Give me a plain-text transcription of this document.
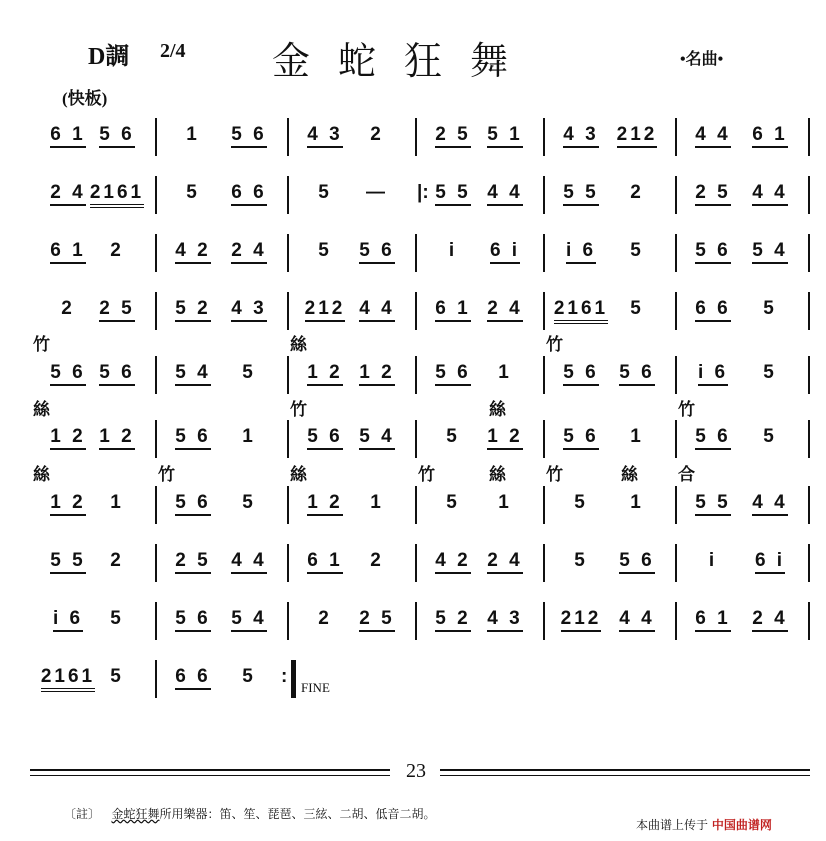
D調 2/4 金蛇狂舞	•名曲•
(快板)
6 1 5 6	1	5 6	4 3	2	2 5 5 1	4 3 212	4 4	6 1
2 4 2161	5	6 6	5	—	5 5 4 4
|:	5 5	2	2 5	4 4
6 1	2	4 2	2 4	5	5 6	i	6 i	i 6	5	5 6	5 4
2	2 5	5 2	4 3	212 4 4	6 1 2 4	2161	5	6 6	5
5 6 5 6	5 4	5	1 2 1 2	5 6	1	5 6	5 6	i 6	5
1 2 1 2	5 6	1	5 6 5 4	5	1 2	5 6	1	5 6	5
1 2	1	5 6	5	1 2	1	5	1	5	1	5 5	4 4
5 5	2	2 5	4 4	6 1	2	4 2 2 4	5	5 6	i	6 i
i 6	5	5 6	5 4	2	2 5	5 2 4 3	212 4 4	6 1	2 4
2161 5	6 6	5	:
FINE
23
〔註〕 金蛇狂舞所用樂器：笛、笙、琵琶、三絃、二胡、低音二胡。
本曲谱上传于 中国曲谱网
竹	絲	竹
絲	竹	絲	竹
絲	竹	絲	竹	絲 竹	絲 合
